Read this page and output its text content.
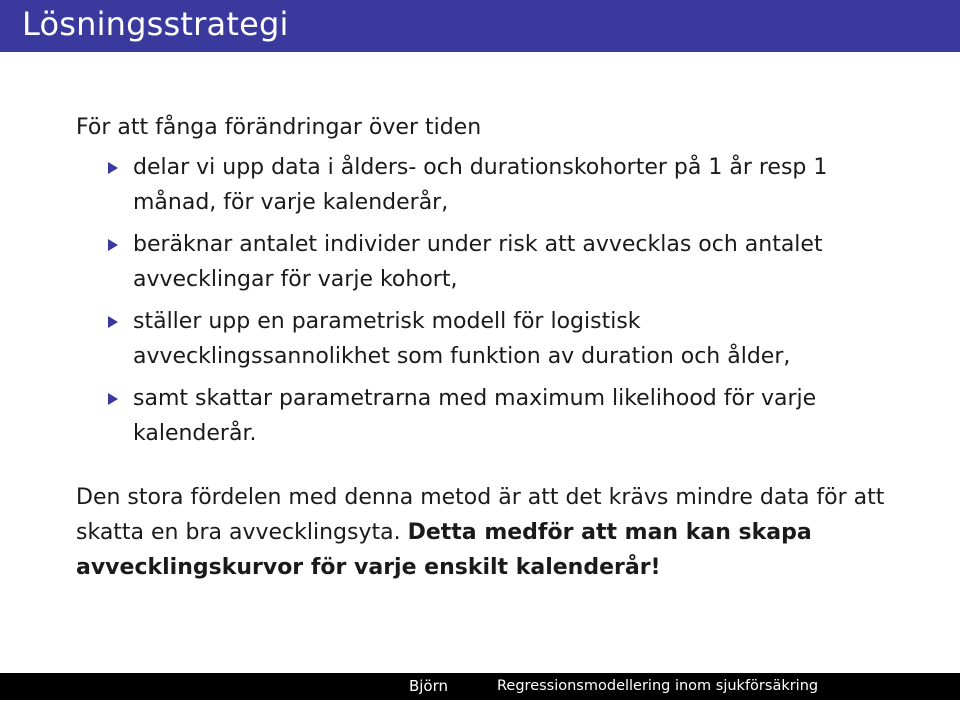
Lösningsstrategi

För att fånga förändringar över tiden

delar vi upp data i ålders- och durationskohorter på 1 år resp 1 månad, för varje kalenderår,
beräknar antalet individer under risk att avvecklas och antalet avvecklingar för varje kohort,
ställer upp en parametrisk modell för logistisk avvecklingssannolikhet som funktion av duration och ålder,
samt skattar parametrarna med maximum likelihood för varje kalenderår.

Den stora fördelen med denna metod är att det krävs mindre data för att skatta en bra avvecklingsyta. Detta medför att man kan skapa avvecklingskurvor för varje enskilt kalenderår!

Björn Löfdahl
Regressionsmodellering inom sjukförsäkring
